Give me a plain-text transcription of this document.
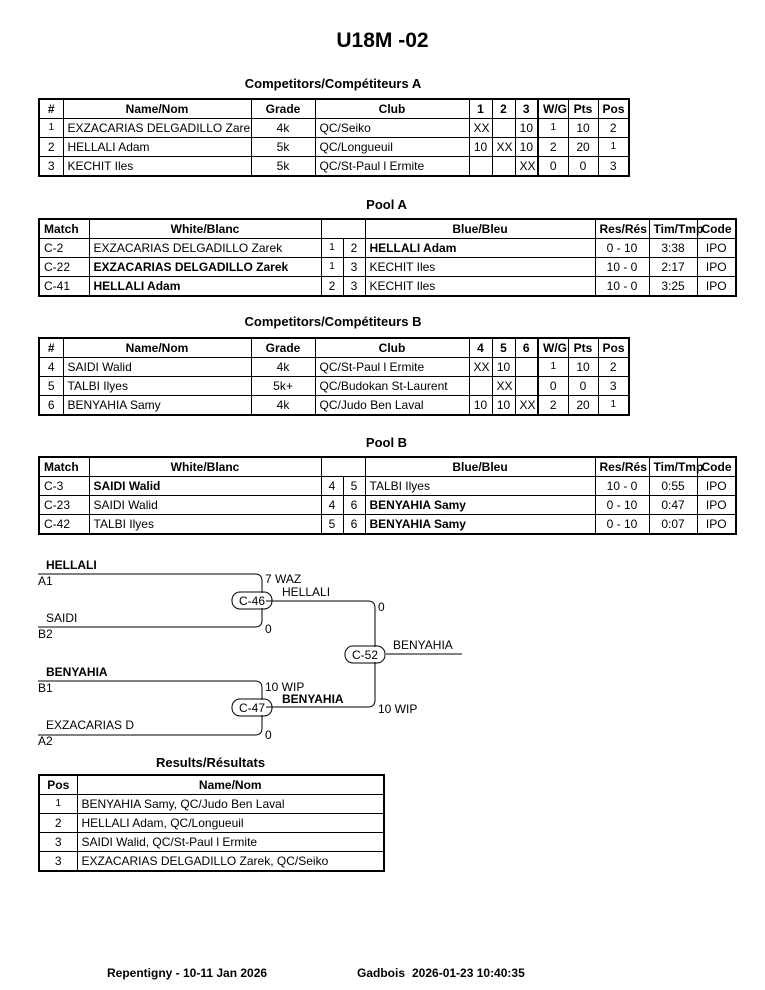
U18M -02
Competitors/Compétiteurs A
#	Name/Nom	Grade	Club	1	2	3	W/G	Pts	Pos
1	EXZACARIAS DELGADILLO Zare	4k	QC/Seiko	XX		10	1	10	2
2	HELLALI Adam	5k	QC/Longueuil	10	XX	10	2	20	1
3	KECHIT Iles	5k	QC/St-Paul l Ermite			XX	0	0	3
Pool A
Match	White/Blanc			Blue/Bleu	Res/Rés	Tim/Tmp	Code
C-2	EXZACARIAS DELGADILLO Zarek	1	2	HELLALI Adam	0 - 10	3:38	IPO
C-22	EXZACARIAS DELGADILLO Zarek	1	3	KECHIT Iles	10 - 0	2:17	IPO
C-41	HELLALI Adam	2	3	KECHIT Iles	10 - 0	3:25	IPO
Competitors/Compétiteurs B
#	Name/Nom	Grade	Club	4	5	6	W/G	Pts	Pos
4	SAIDI Walid	4k	QC/St-Paul l Ermite	XX	10		1	10	2
5	TALBI Ilyes	5k+	QC/Budokan St-Laurent		XX		0	0	3
6	BENYAHIA Samy	4k	QC/Judo Ben Laval	10	10	XX	2	20	1
Pool B
Match	White/Blanc			Blue/Bleu	Res/Rés	Tim/Tmp	Code
C-3	SAIDI Walid	4	5	TALBI Ilyes	10 - 0	0:55	IPO
C-23	SAIDI Walid	4	6	BENYAHIA Samy	0 - 10	0:47	IPO
C-42	TALBI Ilyes	5	6	BENYAHIA Samy	0 - 10	0:07	IPO
HELLALI
A1
SAIDI
B2
C-46
7 WAZ
0
HELLALI
BENYAHIA
B1
EXZACARIAS D
A2
C-47
10 WIP
0
BENYAHIA
C-52
0
10 WIP
BENYAHIA
Results/Résultats
Pos	Name/Nom
1	BENYAHIA Samy, QC/Judo Ben Laval
2	HELLALI Adam, QC/Longueuil
3	SAIDI Walid, QC/St-Paul l Ermite
3	EXZACARIAS DELGADILLO Zarek, QC/Seiko
Repentigny - 10-11 Jan 2026	Gadbois 2026-01-23 10:40:35
